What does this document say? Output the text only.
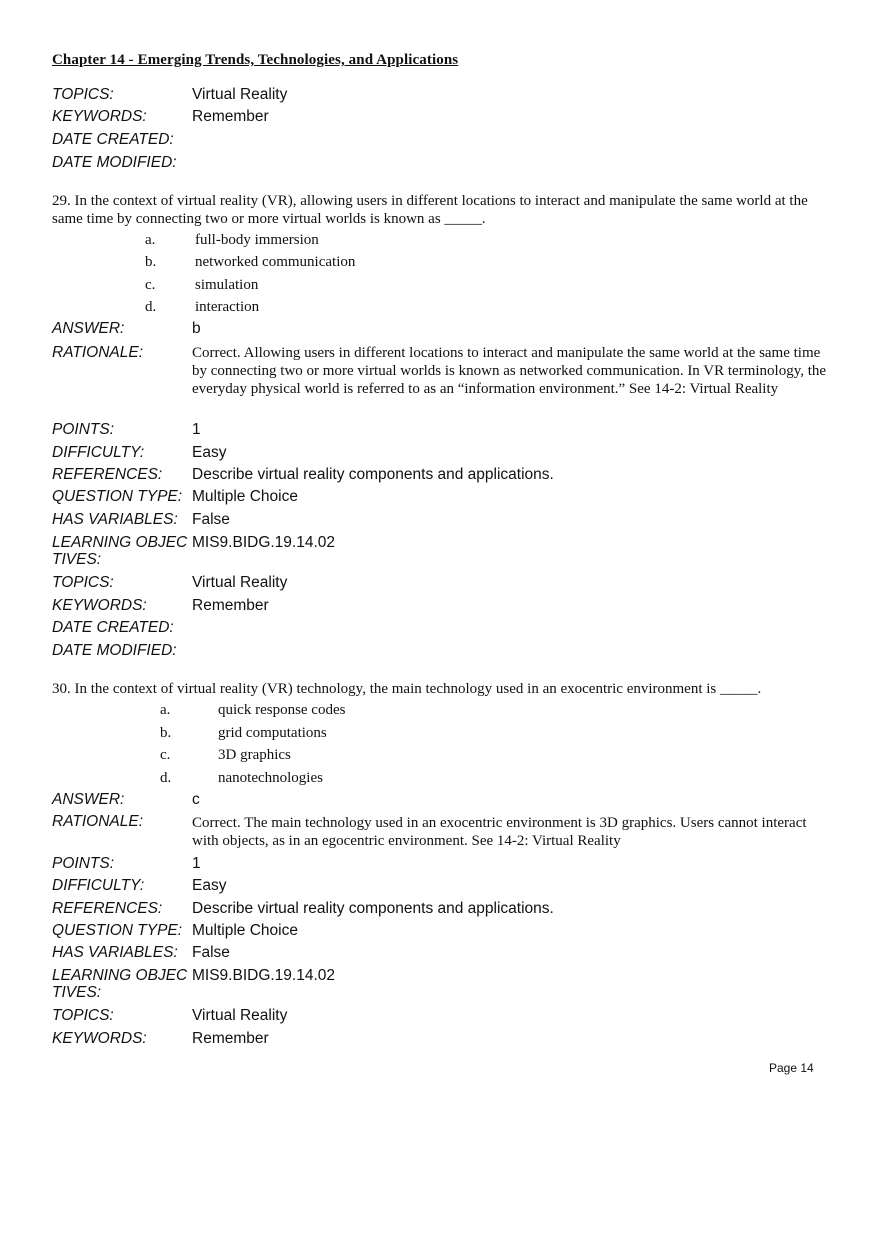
Chapter 14 - Emerging Trends, Technologies, and Applications
TOPICS:	Virtual Reality
KEYWORDS:	Remember
DATE CREATED:
DATE MODIFIED:
29. In the context of virtual reality (VR), allowing users in different locations to interact and manipulate the same world at the same time by connecting two or more virtual worlds is known as _____.
a.	full-body immersion
b.	networked communication
c.	simulation
d.	interaction
ANSWER:	b
RATIONALE:	Correct. Allowing users in different locations to interact and manipulate the same world at the same time by connecting two or more virtual worlds is known as networked communication. In VR terminology, the everyday physical world is referred to as an “information environment.” See 14-2: Virtual Reality
POINTS:	1
DIFFICULTY:	Easy
REFERENCES: Describe virtual reality components and applications.
QUESTION TYPE: Multiple Choice
HAS VARIABLES: False
LEARNING OBJECTIVES:
MIS9.BIDG.19.14.02
TOPICS:	Virtual Reality
KEYWORDS:	Remember
DATE CREATED:
DATE MODIFIED:
30. In the context of virtual reality (VR) technology, the main technology used in an exocentric environment is _____.
a.	quick response codes
b.	grid computations
c.	3D graphics
d.	nanotechnologies
ANSWER:	c
RATIONALE:	Correct. The main technology used in an exocentric environment is 3D graphics. Users cannot interact with objects, as in an egocentric environment. See 14-2: Virtual Reality
POINTS:	1
DIFFICULTY:	Easy
REFERENCES: Describe virtual reality components and applications.
QUESTION TYPE: Multiple Choice
HAS VARIABLES: False
LEARNING OBJECTIVES:
MIS9.BIDG.19.14.02
TOPICS:	Virtual Reality
KEYWORDS:	Remember
Page 14
